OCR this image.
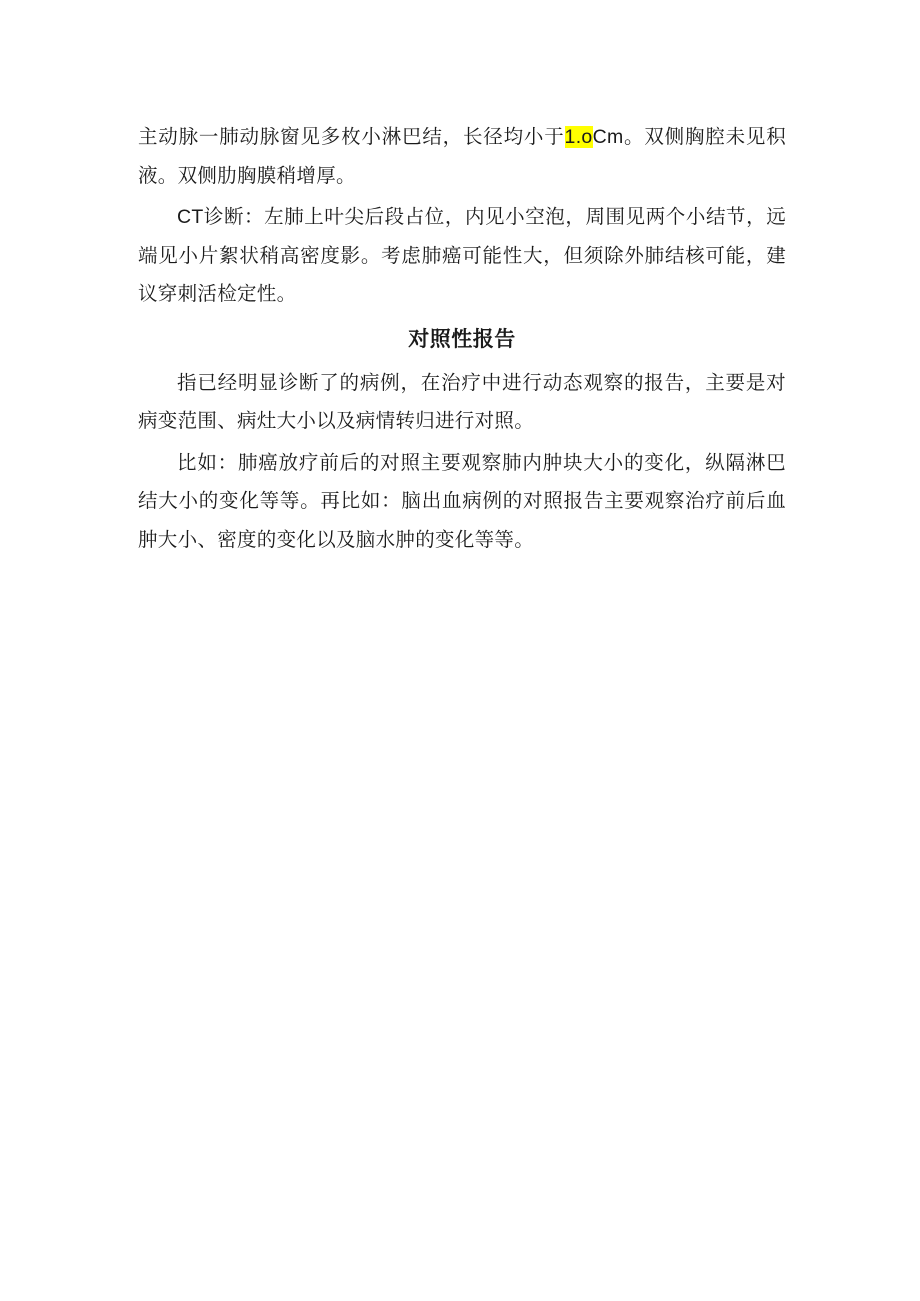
主动脉一肺动脉窗见多枚小淋巴结，长径均小于1.oCm。双侧胸腔未见积液。双侧肋胸膜稍增厚。

CT诊断：左肺上叶尖后段占位，内见小空泡，周围见两个小结节，远端见小片絮状稍高密度影。考虑肺癌可能性大，但须除外肺结核可能，建议穿刺活检定性。

对照性报告

指已经明显诊断了的病例，在治疗中进行动态观察的报告，主要是对病变范围、病灶大小以及病情转归进行对照。

比如：肺癌放疗前后的对照主要观察肺内肿块大小的变化，纵隔淋巴结大小的变化等等。再比如：脑出血病例的对照报告主要观察治疗前后血肿大小、密度的变化以及脑水肿的变化等等。
